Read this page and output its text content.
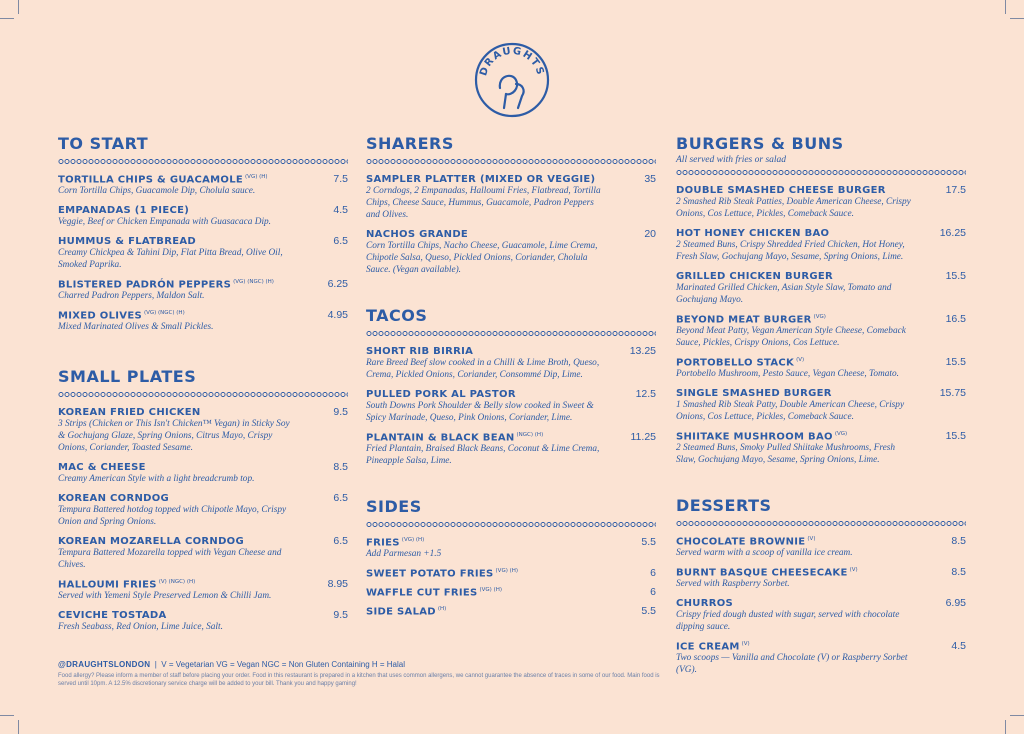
DRAUGHTS
TO START
TORTILLA CHIPS & GUACAMOLE $^{(VG) (H)}$	7.5
Corn Tortilla Chips, Guacamole Dip, Cholula sauce.
EMPANADAS (1 PIECE)	4.5
Veggie, Beef or Chicken Empanada with Guasacaca Dip.
HUMMUS & FLATBREAD	6.5
Creamy Chickpea & Tahini Dip, Flat Pitta Bread, Olive Oil, Smoked Paprika.
BLISTERED PADRÓN PEPPERS $^{(VG) (NGC) (H)}$	6.25
Charred Padron Peppers, Maldon Salt.
MIXED OLIVES $^{(VG) (NGC) (H)}$	4.95
Mixed Marinated Olives & Small Pickles.
SMALL PLATES
KOREAN FRIED CHICKEN	9.5
3 Strips (Chicken or This Isn't Chicken™ Vegan) in Sticky Soy & Gochujang Glaze, Spring Onions, Citrus Mayo, Crispy Onions, Coriander, Toasted Sesame.
MAC & CHEESE	8.5
Creamy American Style with a light breadcrumb top.
KOREAN CORNDOG	6.5
Tempura Battered hotdog topped with Chipotle Mayo, Crispy Onion and Spring Onions.
KOREAN MOZARELLA CORNDOG	6.5
Tempura Battered Mozarella topped with Vegan Cheese and Chives.
HALLOUMI FRIES $^{(V) (NGC) (H)}$	8.95
Served with Yemeni Style Preserved Lemon & Chilli Jam.
CEVICHE TOSTADA	9.5
Fresh Seabass, Red Onion, Lime Juice, Salt.
SHARERS
SAMPLER PLATTER (MIXED OR VEGGIE)	35
2 Corndogs, 2 Empanadas, Halloumi Fries, Flatbread, Tortilla Chips, Cheese Sauce, Hummus, Guacamole, Padron Peppers and Olives.
NACHOS GRANDE	20
Corn Tortilla Chips, Nacho Cheese, Guacamole, Lime Crema, Chipotle Salsa, Queso, Pickled Onions, Coriander, Cholula Sauce. (Vegan available).
TACOS
SHORT RIB BIRRIA	13.25
Rare Breed Beef slow cooked in a Chilli & Lime Broth, Queso, Crema, Pickled Onions, Coriander, Consommé Dip, Lime.
PULLED PORK AL PASTOR	12.5
South Downs Pork Shoulder & Belly slow cooked in Sweet & Spicy Marinade, Queso, Pink Onions, Coriander, Lime.
PLANTAIN & BLACK BEAN $^{(NGC) (H)}$	11.25
Fried Plantain, Braised Black Beans, Coconut & Lime Crema, Pineapple Salsa, Lime.
SIDES
FRIES $^{(VG) (H)}$	5.5
Add Parmesan +1.5
SWEET POTATO FRIES $^{(VG) (H)}$	6
WAFFLE CUT FRIES $^{(VG) (H)}$	6
SIDE SALAD $^{(H)}$	5.5
BURGERS & BUNS
All served with fries or salad
DOUBLE SMASHED CHEESE BURGER	17.5
2 Smashed Rib Steak Patties, Double American Cheese, Crispy Onions, Cos Lettuce, Pickles, Comeback Sauce.
HOT HONEY CHICKEN BAO	16.25
2 Steamed Buns, Crispy Shredded Fried Chicken, Hot Honey, Fresh Slaw, Gochujang Mayo, Sesame, Spring Onions, Lime.
GRILLED CHICKEN BURGER	15.5
Marinated Grilled Chicken, Asian Style Slaw, Tomato and Gochujang Mayo.
BEYOND MEAT BURGER $^{(VG)}$	16.5
Beyond Meat Patty, Vegan American Style Cheese, Comeback Sauce, Pickles, Crispy Onions, Cos Lettuce.
PORTOBELLO STACK $^{(V)}$	15.5
Portobello Mushroom, Pesto Sauce, Vegan Cheese, Tomato.
SINGLE SMASHED BURGER	15.75
1 Smashed Rib Steak Patty, Double American Cheese, Crispy Onions, Cos Lettuce, Pickles, Comeback Sauce.
SHIITAKE MUSHROOM BAO $^{(VG)}$	15.5
2 Steamed Buns, Smoky Pulled Shiitake Mushrooms, Fresh Slaw, Gochujang Mayo, Sesame, Spring Onions, Lime.
DESSERTS
CHOCOLATE BROWNIE $^{(V)}$	8.5
Served warm with a scoop of vanilla ice cream.
BURNT BASQUE CHEESECAKE $^{(V)}$	8.5
Served with Raspberry Sorbet.
CHURROS	6.95
Crispy fried dough dusted with sugar, served with chocolate dipping sauce.
ICE CREAM $^{(V)}$	4.5
Two scoops — Vanilla and Chocolate (V) or Raspberry Sorbet (VG).
@DRAUGHTSLONDON  |  V = Vegetarian VG = Vegan NGC = Non Gluten Containing H = Halal
Food allergy? Please inform a member of staff before placing your order. Food in this restaurant is prepared in a kitchen that uses common allergens, we cannot guarantee the absence of traces in some of our food. Main food is served until 10pm. A 12.5% discretionary service charge will be added to your bill. Thank you and happy gaming!
